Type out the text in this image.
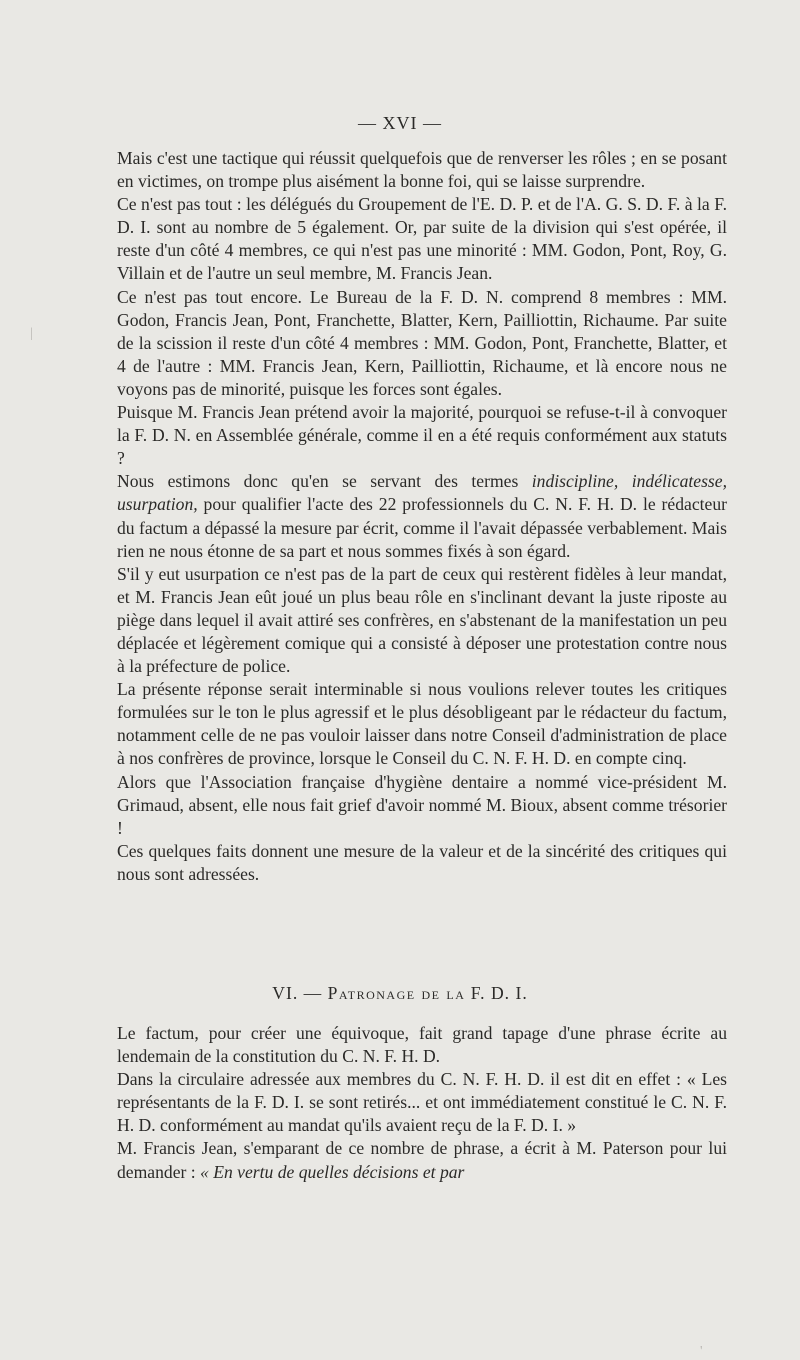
— XVI —

Mais c'est une tactique qui réussit quelquefois que de renverser les rôles ; en se posant en victimes, on trompe plus aisément la bonne foi, qui se laisse surprendre.

Ce n'est pas tout : les délégués du Groupement de l'E. D. P. et de l'A. G. S. D. F. à la F. D. I. sont au nombre de 5 également. Or, par suite de la division qui s'est opérée, il reste d'un côté 4 membres, ce qui n'est pas une minorité : MM. Godon, Pont, Roy, G. Villain et de l'autre un seul membre, M. Francis Jean.

Ce n'est pas tout encore. Le Bureau de la F. D. N. comprend 8 membres : MM. Godon, Francis Jean, Pont, Franchette, Blatter, Kern, Pailliottin, Richaume. Par suite de la scission il reste d'un côté 4 membres : MM. Godon, Pont, Franchette, Blatter, et 4 de l'autre : MM. Francis Jean, Kern, Pailliottin, Richaume, et là encore nous ne voyons pas de minorité, puisque les forces sont égales.

Puisque M. Francis Jean prétend avoir la majorité, pourquoi se refuse-t-il à convoquer la F. D. N. en Assemblée générale, comme il en a été requis conformément aux statuts ?

Nous estimons donc qu'en se servant des termes indiscipline, indélicatesse, usurpation, pour qualifier l'acte des 22 professionnels du C. N. F. H. D. le rédacteur du factum a dépassé la mesure par écrit, comme il l'avait dépassée verbablement. Mais rien ne nous étonne de sa part et nous sommes fixés à son égard.

S'il y eut usurpation ce n'est pas de la part de ceux qui restèrent fidèles à leur mandat, et M. Francis Jean eût joué un plus beau rôle en s'inclinant devant la juste riposte au piège dans lequel il avait attiré ses confrères, en s'abstenant de la manifestation un peu déplacée et légèrement comique qui a consisté à déposer une protestation contre nous à la préfecture de police.

La présente réponse serait interminable si nous voulions relever toutes les critiques formulées sur le ton le plus agressif et le plus désobligeant par le rédacteur du factum, notamment celle de ne pas vouloir laisser dans notre Conseil d'administration de place à nos confrères de province, lorsque le Conseil du C. N. F. H. D. en compte cinq.

Alors que l'Association française d'hygiène dentaire a nommé vice-président M. Grimaud, absent, elle nous fait grief d'avoir nommé M. Bioux, absent comme trésorier !

Ces quelques faits donnent une mesure de la valeur et de la sincérité des critiques qui nous sont adressées.

VI. — Patronage de la F. D. I.

Le factum, pour créer une équivoque, fait grand tapage d'une phrase écrite au lendemain de la constitution du C. N. F. H. D.

Dans la circulaire adressée aux membres du C. N. F. H. D. il est dit en effet : « Les représentants de la F. D. I. se sont retirés... et ont immédiatement constitué le C. N. F. H. D. conformément au mandat qu'ils avaient reçu de la F. D. I. »

M. Francis Jean, s'emparant de ce nombre de phrase, a écrit à M. Paterson pour lui demander : « En vertu de quelles décisions et par

|
'
